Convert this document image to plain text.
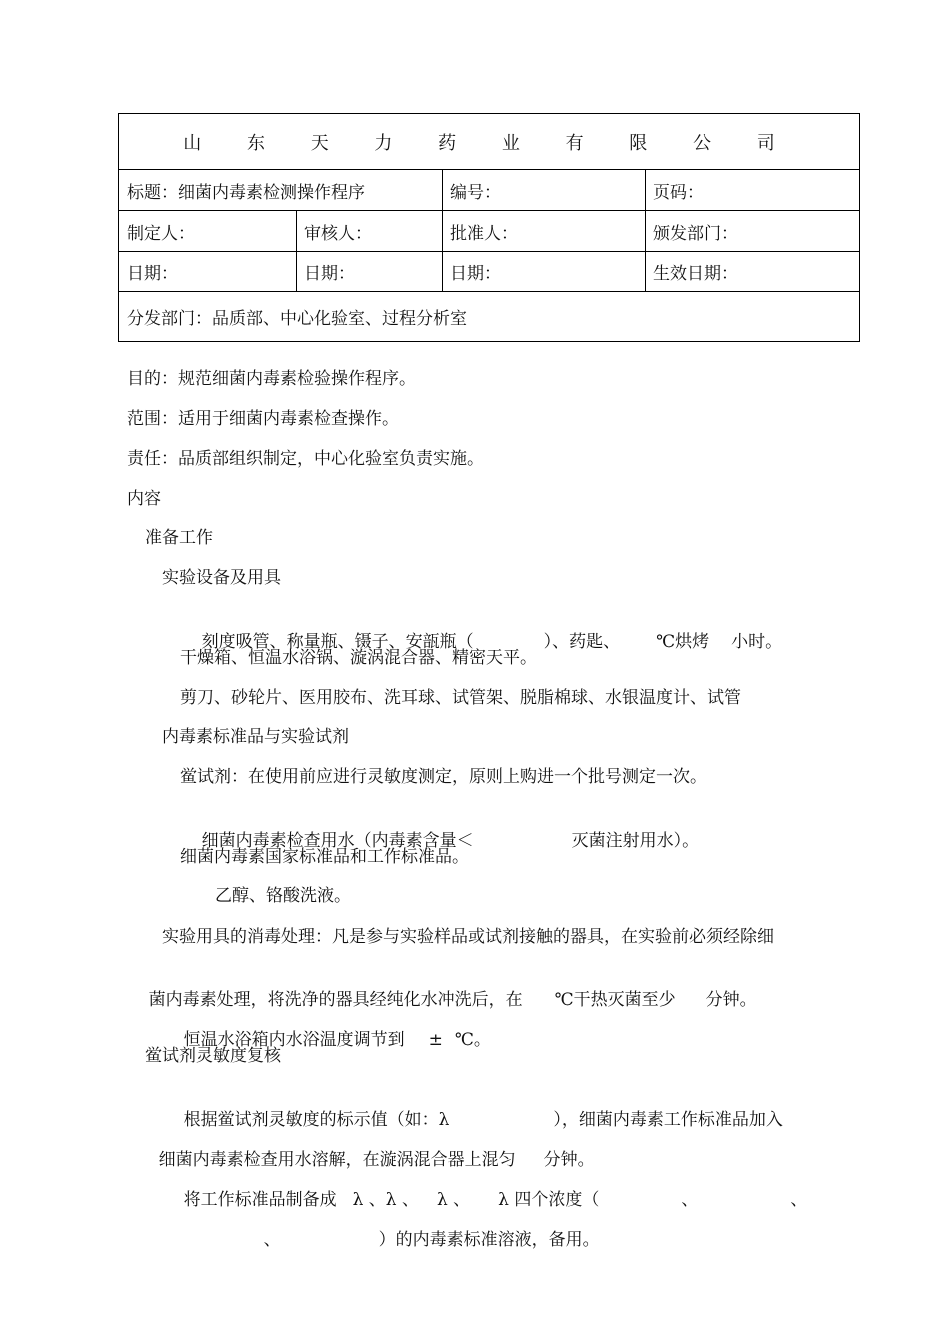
山 东 天 力 药 业 有 限 公 司
标题：细菌内毒素检测操作程序	编号：	页码：
制定人：	审核人：	批准人：	颁发部门：
日期：	日期：	日期：	生效日期：
分发部门：品质部、中心化验室、过程分析室
目的：规范细菌内毒素检验操作程序。
范围：适用于细菌内毒素检查操作。
责任：品质部组织制定，中心化验室负责实施。
内容
准备工作
实验设备及用具

刻度吸管、称量瓶、镊子、安瓿瓶（	）、药匙、 ℃烘烤 小时。

干燥箱、恒温水浴锅、漩涡混合器、精密天平。
剪刀、砂轮片、医用胶布、洗耳球、试管架、脱脂棉球、水银温度计、试管
内毒素标准品与实验试剂
鲎试剂：在使用前应进行灵敏度测定，原则上购进一个批号测定一次。

细菌内毒素检查用水（内毒素含量＜	灭菌注射用水）。

细菌内毒素国家标准品和工作标准品。
乙醇、铬酸洗液。
实验用具的消毒处理：凡是参与实验样品或试剂接触的器具，在实验前必须经除细

菌内毒素处理，将洗净的器具经纯化水冲洗后，在 ℃干热灭菌至少 分钟。

恒温水浴箱内水浴温度调节到 ± ℃。

鲎试剂灵敏度复核

根据鲎试剂灵敏度的标示值（如：λ	），细菌内毒素工作标准品加入

细菌内毒素检查用水溶解，在漩涡混合器上混匀 分钟。

将工作标准品制备成 λ 、λ 、 λ 、 λ 四个浓度（	、	、

、	）的内毒素标准溶液，备用。
